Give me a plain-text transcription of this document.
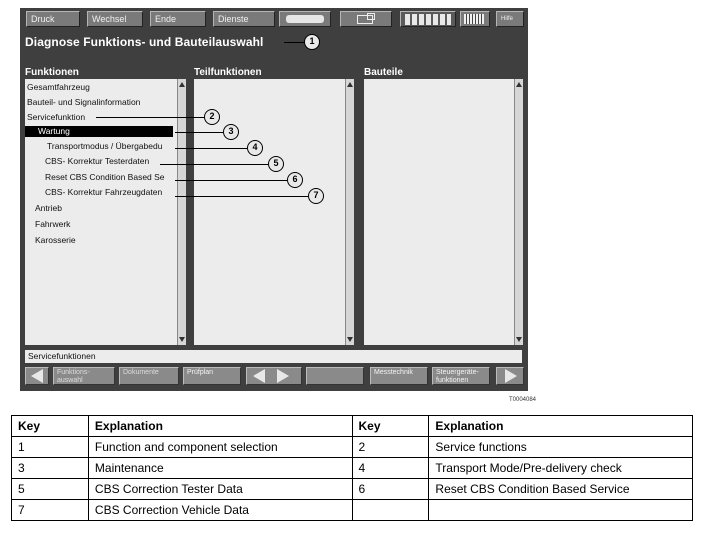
Druck	Wechsel	Ende	Dienste	Hilfe
Diagnose Funktions- und Bauteilauswahl
Funktionen	Teilfunktionen	Bauteile
Gesamtfahrzeug
Bauteil- und Signalinformation
Servicefunktion
Wartung
Transportmodus / Übergabedu
CBS- Korrektur Testerdaten
Reset CBS Condition Based Se
CBS- Korrektur Fahrzeugdaten
Antrieb
Fahrwerk
Karosserie
Servicefunktionen
Funktions-auswahl
Dokumente	Prüfplan	Messtechnik	Steuergeräte-funktionen
1
2
3
4
5
6
7
T0004084
Key	Explanation	Key	Explanation
1	Function and component selection	2	Service functions
3	Maintenance	4	Transport Mode/Pre-delivery check
5	CBS Correction Tester Data	6	Reset CBS Condition Based Service
7	CBS Correction Vehicle Data		
